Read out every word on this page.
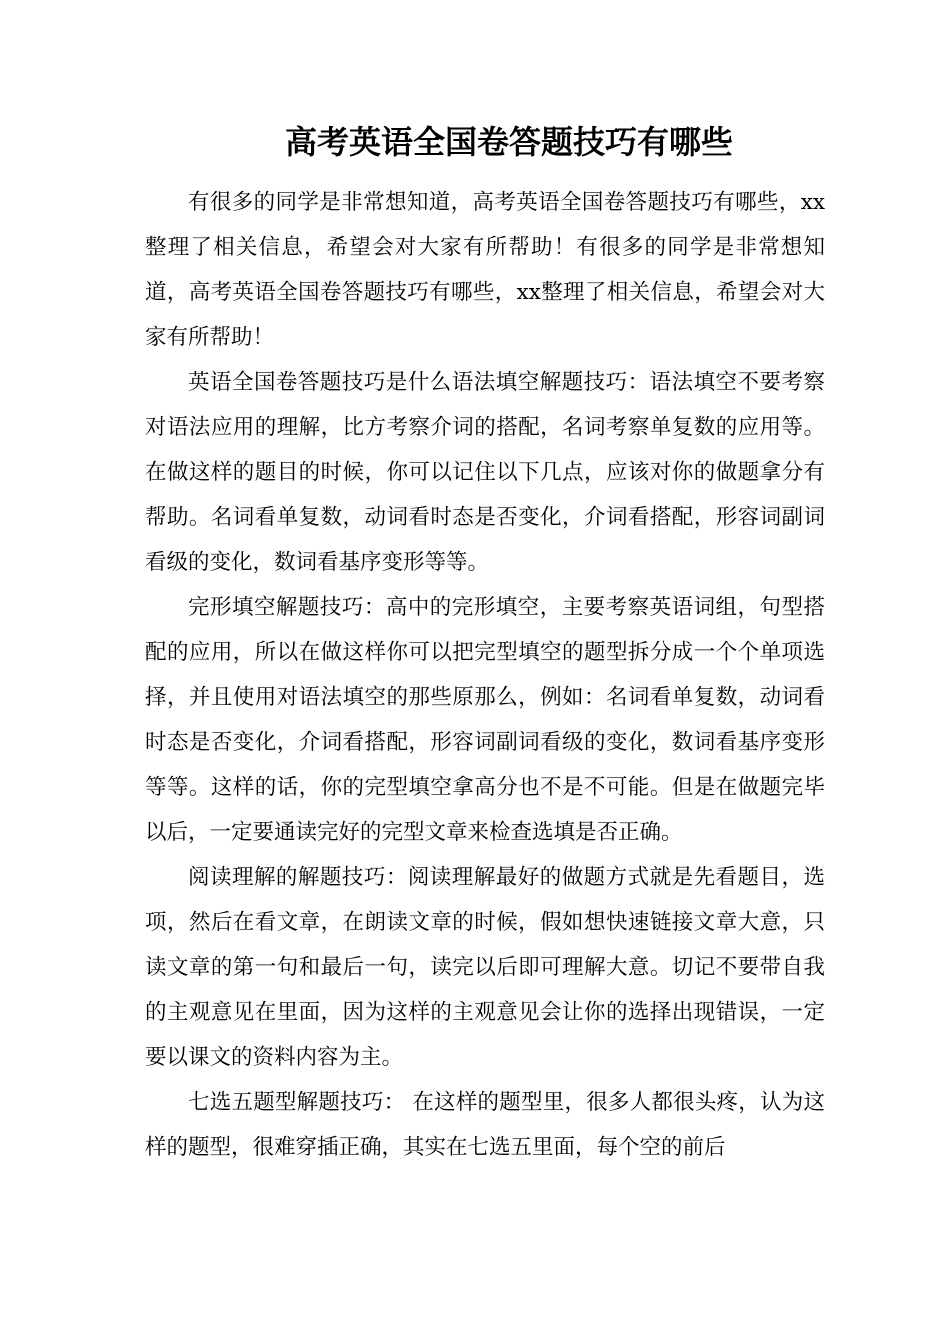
高考英语全国卷答题技巧有哪些

有很多的同学是非常想知道，高考英语全国卷答题技巧有哪些，xx整理了相关信息，希望会对大家有所帮助！有很多的同学是非常想知道，高考英语全国卷答题技巧有哪些，xx整理了相关信息，希望会对大家有所帮助！

英语全国卷答题技巧是什么语法填空解题技巧：语法填空不要考察对语法应用的理解，比方考察介词的搭配，名词考察单复数的应用等。在做这样的题目的时候，你可以记住以下几点，应该对你的做题拿分有帮助。名词看单复数，动词看时态是否变化，介词看搭配，形容词副词看级的变化，数词看基序变形等等。

完形填空解题技巧：高中的完形填空，主要考察英语词组，句型搭配的应用，所以在做这样你可以把完型填空的题型拆分成一个个单项选择，并且使用对语法填空的那些原那么，例如：名词看单复数，动词看时态是否变化，介词看搭配，形容词副词看级的变化，数词看基序变形等等。这样的话，你的完型填空拿高分也不是不可能。但是在做题完毕以后，一定要通读完好的完型文章来检查选填是否正确。

阅读理解的解题技巧：阅读理解最好的做题方式就是先看题目，选项，然后在看文章，在朗读文章的时候，假如想快速链接文章大意，只读文章的第一句和最后一句，读完以后即可理解大意。切记不要带自我的主观意见在里面，因为这样的主观意见会让你的选择出现错误，一定要以课文的资料内容为主。

七选五题型解题技巧： 在这样的题型里，很多人都很头疼，认为这样的题型，很难穿插正确，其实在七选五里面，每个空的前后
